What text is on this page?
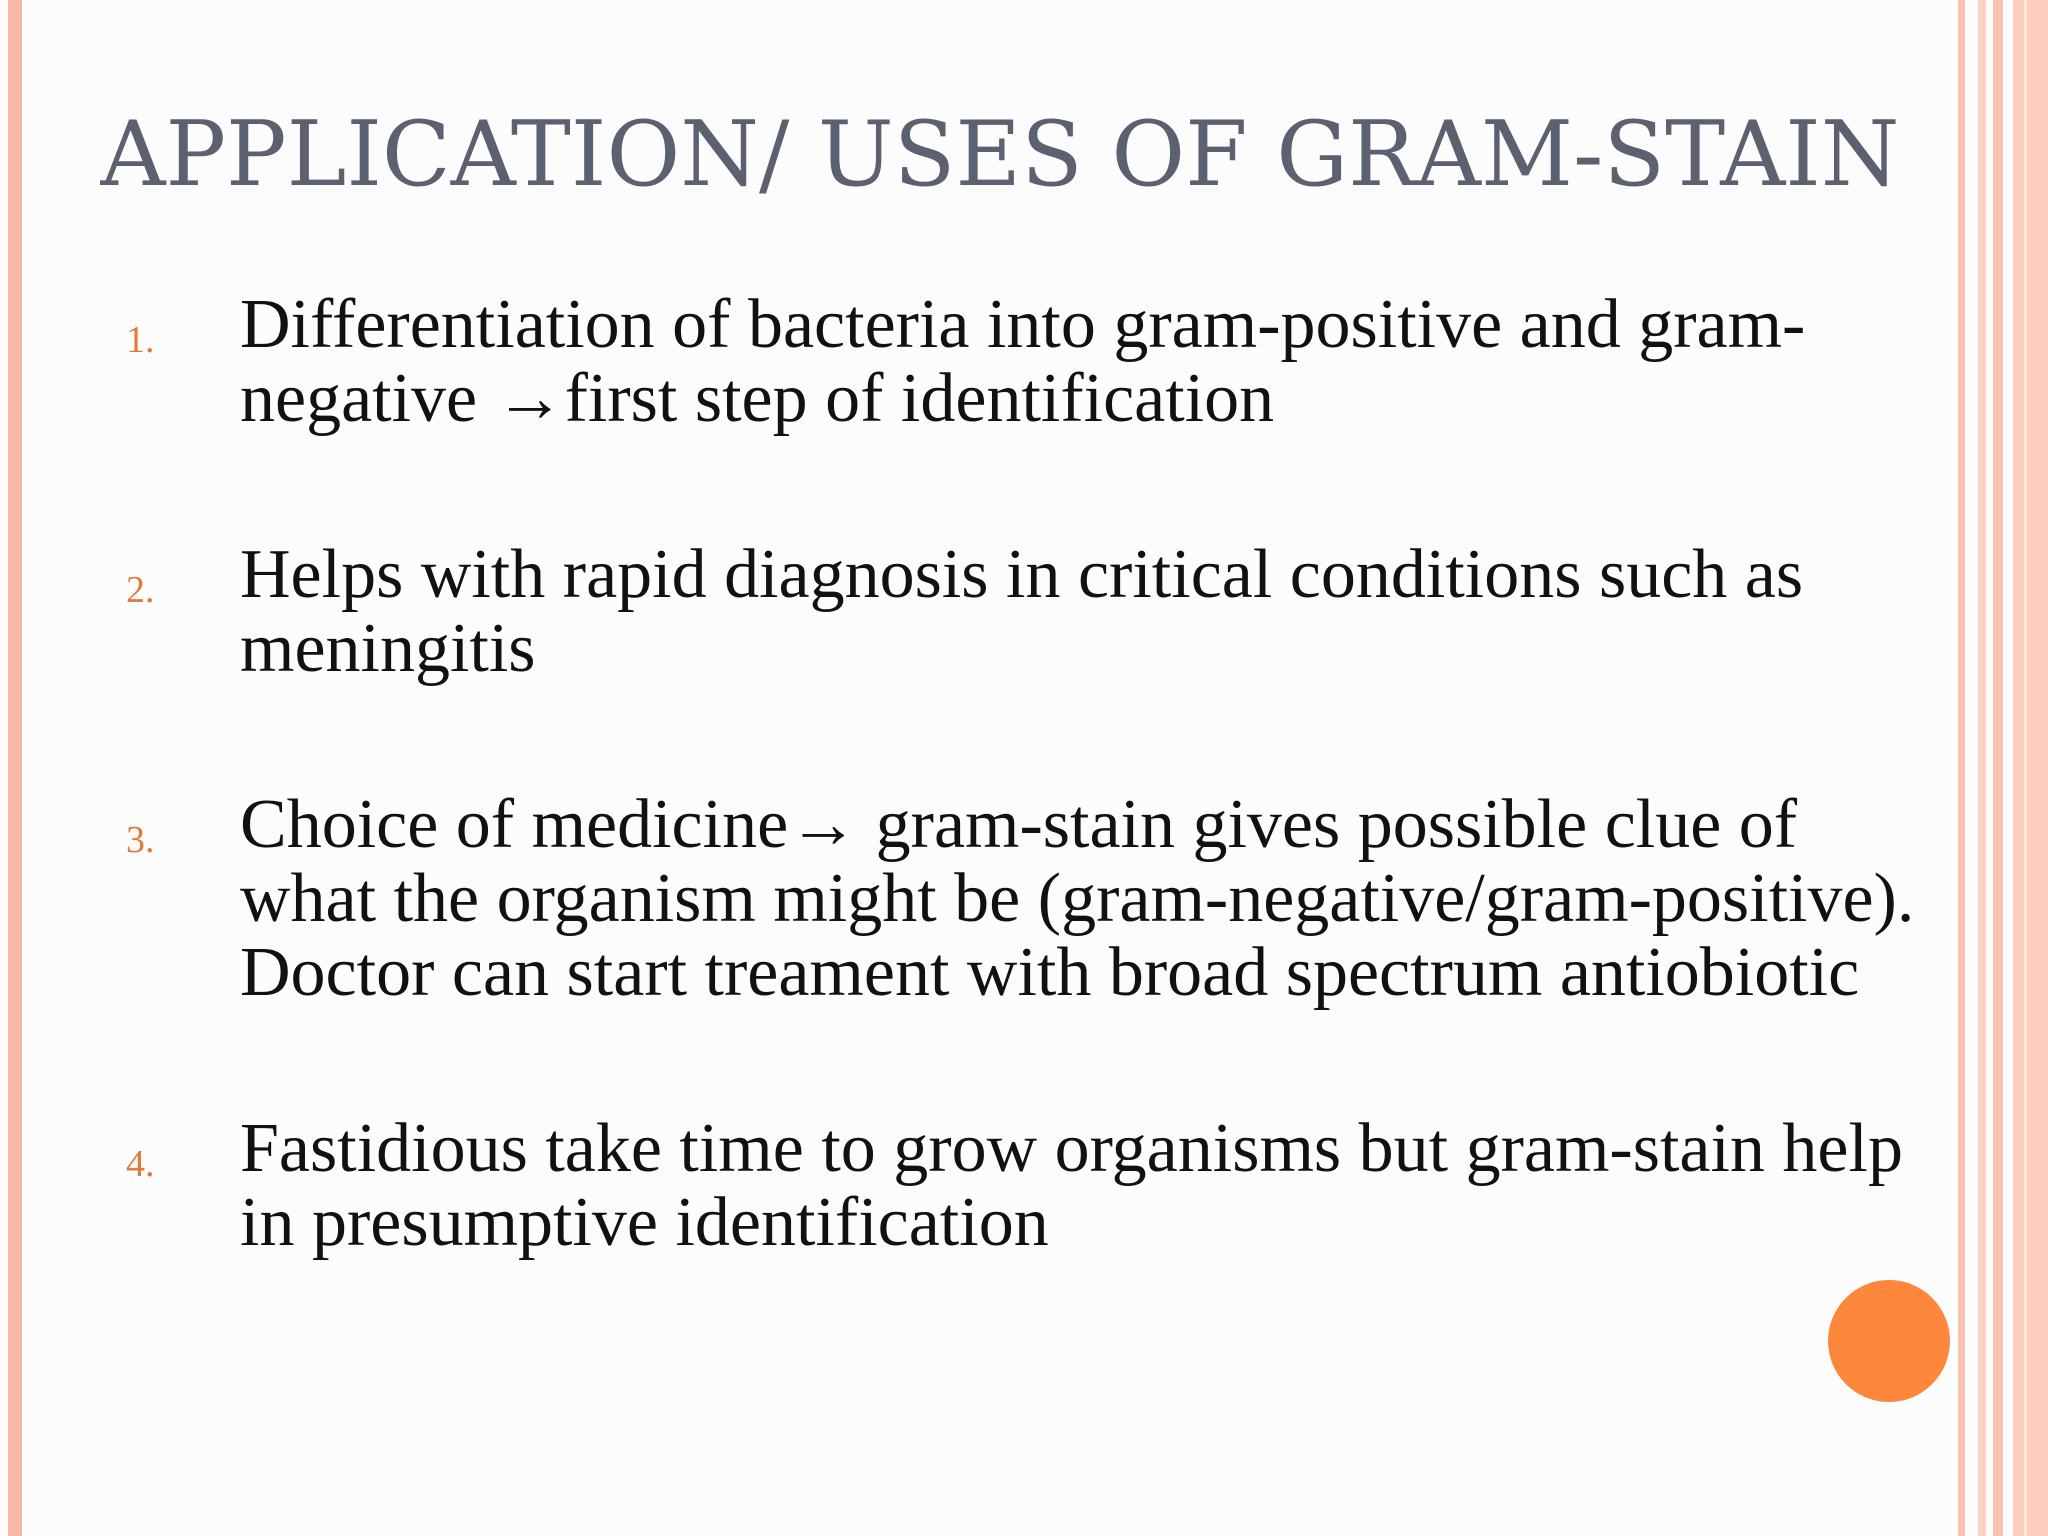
APPLICATION/ USES OF GRAM-STAIN
1. Differentiation of bacteria into gram-positive and gram-negative →first step of identification
2. Helps with rapid diagnosis in critical conditions such as meningitis
3. Choice of medicine→ gram-stain gives possible clue of what the organism might be (gram-negative/gram-positive). Doctor can start treament with broad spectrum antiobiotic
4. Fastidious take time to grow organisms but gram-stain help in presumptive identification
